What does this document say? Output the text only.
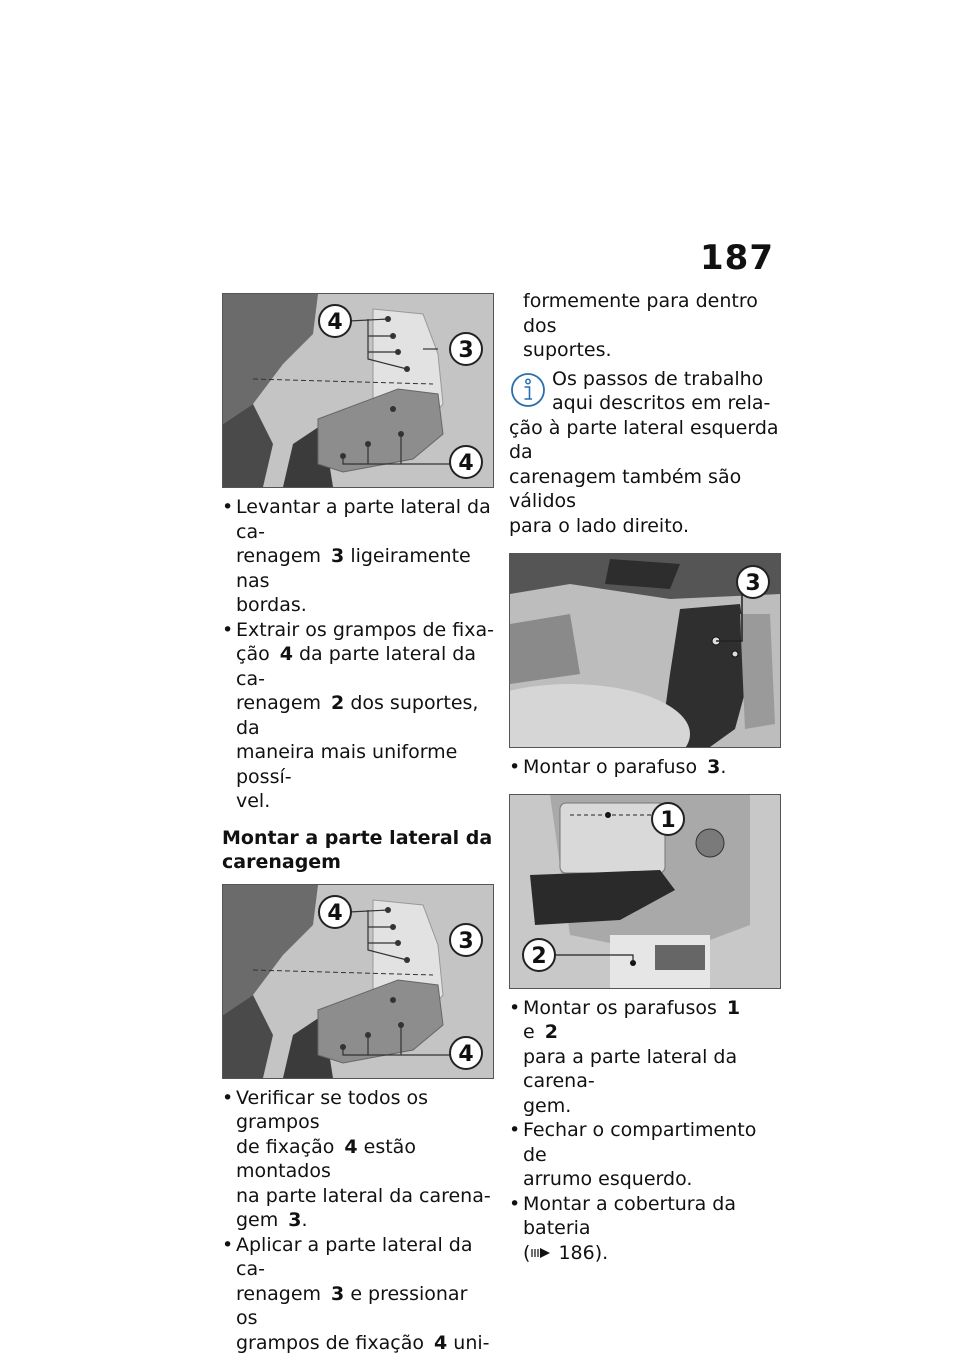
187
4
3
4

• Levantar a parte lateral da ca-
renagem 3 ligeiramente nas
bordas.

• Extrair os grampos de fixa-
ção 4 da parte lateral da ca-
renagem 2 dos suportes, da
maneira mais uniforme possí-
vel.

Montar a parte lateral da

carenagem

4
3
4

• Verificar se todos os grampos
de fixação 4 estão montados
na parte lateral da carena-
gem 3.

• Aplicar a parte lateral da ca-
renagem 3 e pressionar os
grampos de fixação 4 uni-

formemente para dentro dos
suportes.

Os passos de trabalho
aqui descritos em rela-
ção à parte lateral esquerda da
carenagem também são válidos
para o lado direito.
3

• Montar o parafuso 3.

1
2

• Montar os parafusos 1 e 2
para a parte lateral da carena-
gem.

• Fechar o compartimento de
arrumo esquerdo.

• Montar a cobertura da bateria
( 186).
